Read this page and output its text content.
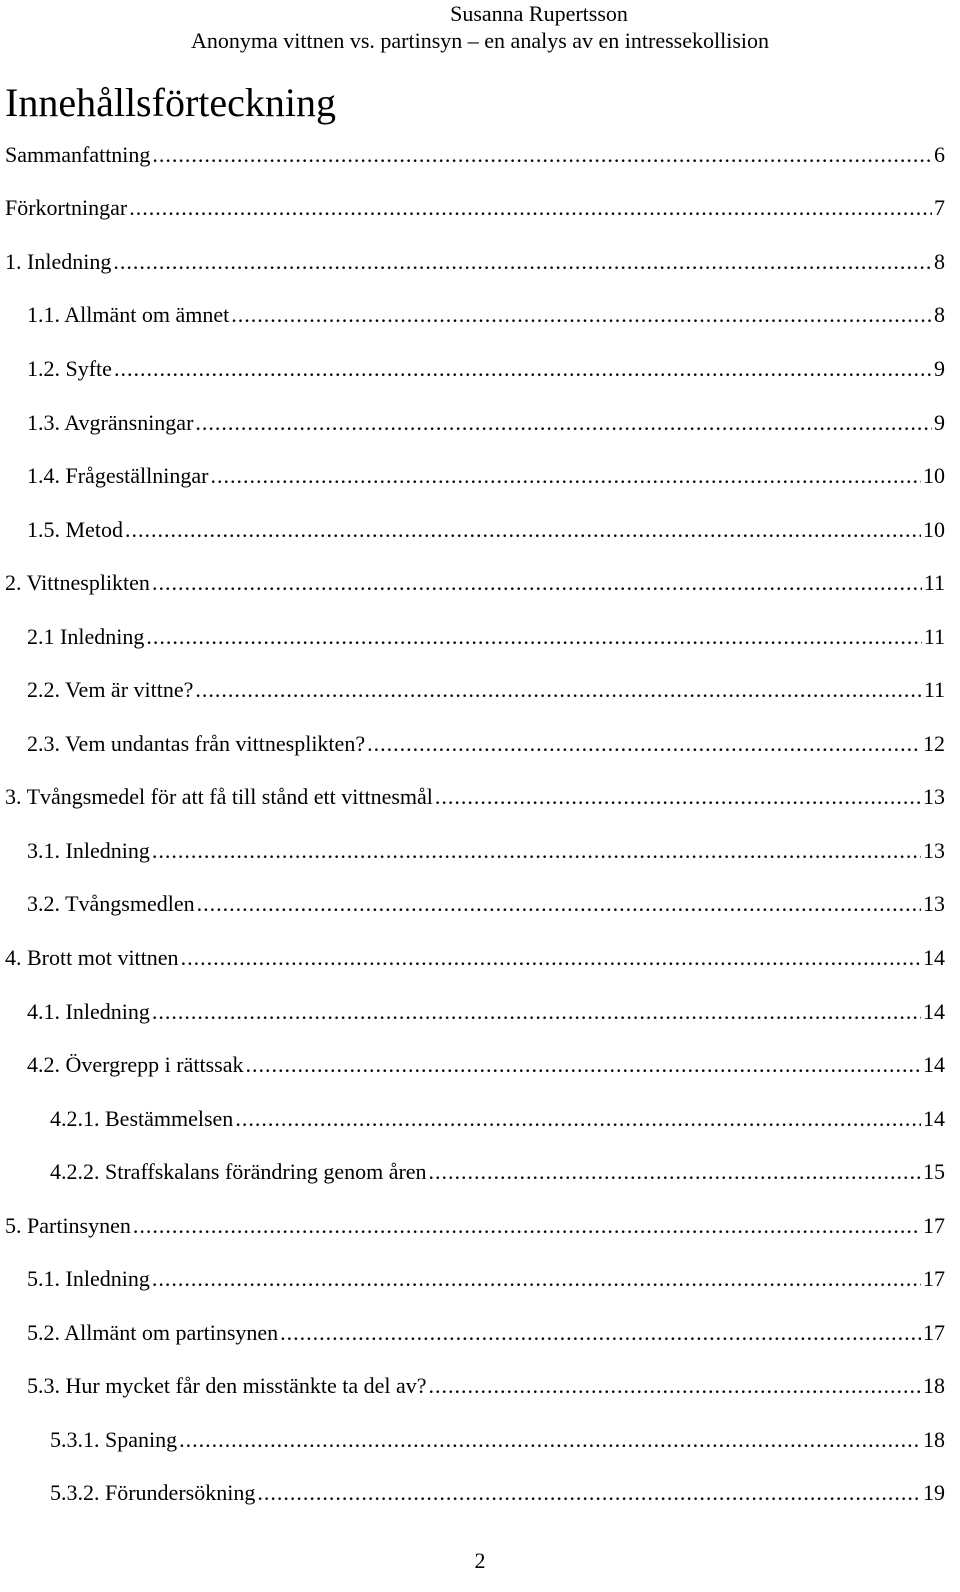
Susanna Rupertsson
Anonyma vittnen vs. partinsyn – en analys av en intressekollision
Innehållsförteckning
Sammanfattning .....	6
Förkortningar .....	7
1. Inledning .....	8
1.1. Allmänt om ämnet .....	8
1.2. Syfte .....	9
1.3. Avgränsningar .....	9
1.4. Frågeställningar .....	10
1.5. Metod .....	10
2. Vittnesplikten .....	11
2.1 Inledning .....	11
2.2. Vem är vittne? .....	11
2.3. Vem undantas från vittnesplikten? .....	12
3. Tvångsmedel för att få till stånd ett vittnesmål .....	13
3.1. Inledning .....	13
3.2. Tvångsmedlen .....	13
4. Brott mot vittnen .....	14
4.1. Inledning .....	14
4.2. Övergrepp i rättssak .....	14
4.2.1. Bestämmelsen .....	14
4.2.2. Straffskalans förändring genom åren .....	15
5. Partinsynen .....	17
5.1. Inledning .....	17
5.2. Allmänt om partinsynen .....	17
5.3. Hur mycket får den misstänkte ta del av? .....	18
5.3.1. Spaning .....	18
5.3.2. Förundersökning .....	19
2
